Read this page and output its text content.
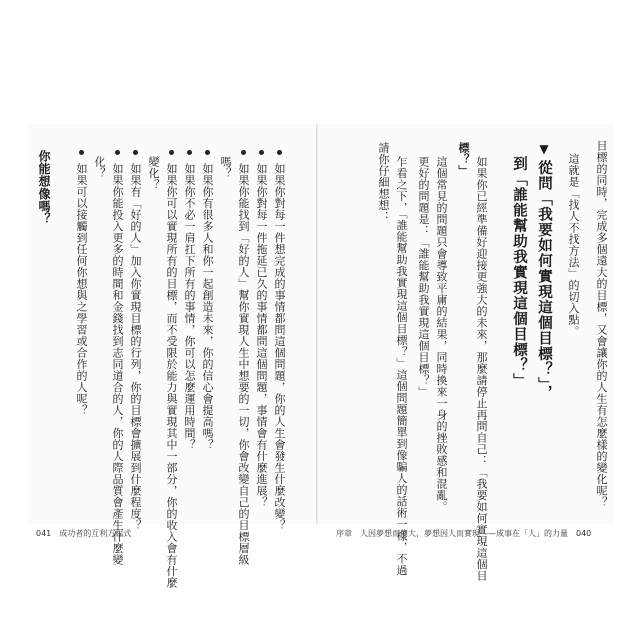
目標的同時，完成多個遠大的目標，又會讓你的人生有怎麼樣的變化呢？
這就是「找人不找方法」的切入點。
▼從問「我要如何實現這個目標？」，
到「誰能幫助我實現這個目標？」
如果你已經準備好迎接更強大的未來，那麼請停止再問自己：「我要如何實現這個目
標？」
這個常見的問題只會導致平庸的結果，同時換來一身的挫敗感和混亂。
更好的問題是：「誰能幫助我實現這個目標？」
乍看之下，「誰能幫助我實現這個目標？」這個問題簡單到像騙人的話術一樣，不過
請你仔細想想：
如果你對每一件想完成的事情都問這個問題，你的人生會發生什麼改變？
如果你對每一件拖延已久的事情都問這個問題，事情會有什麼進展？
如果你能找到「好的人」幫你實現人生中想要的一切，你會改變自己的目標層級
嗎？
如果你有很多人和你一起創造未來，你的信心會提高嗎？
如果你不必一肩扛下所有的事情，你可以怎麼運用時間？
如果你可以實現所有的目標，而不受限於能力與實現其中一部分，你的收入會有什麼
變化？
如果有「好的人」加入你實現目標的行列，你的目標會擴展到什麼程度？
如果你能投入更多的時間和金錢找到志同道合的人，你的人際品質會產生什麼變
化？
如果可以接觸到任何你想與之學習或合作的人呢？
你能想像嗎？
041　成功者的互利方程式	序章　人因夢想而偉大，夢想因人而實現——成事在「人」的力量　040
